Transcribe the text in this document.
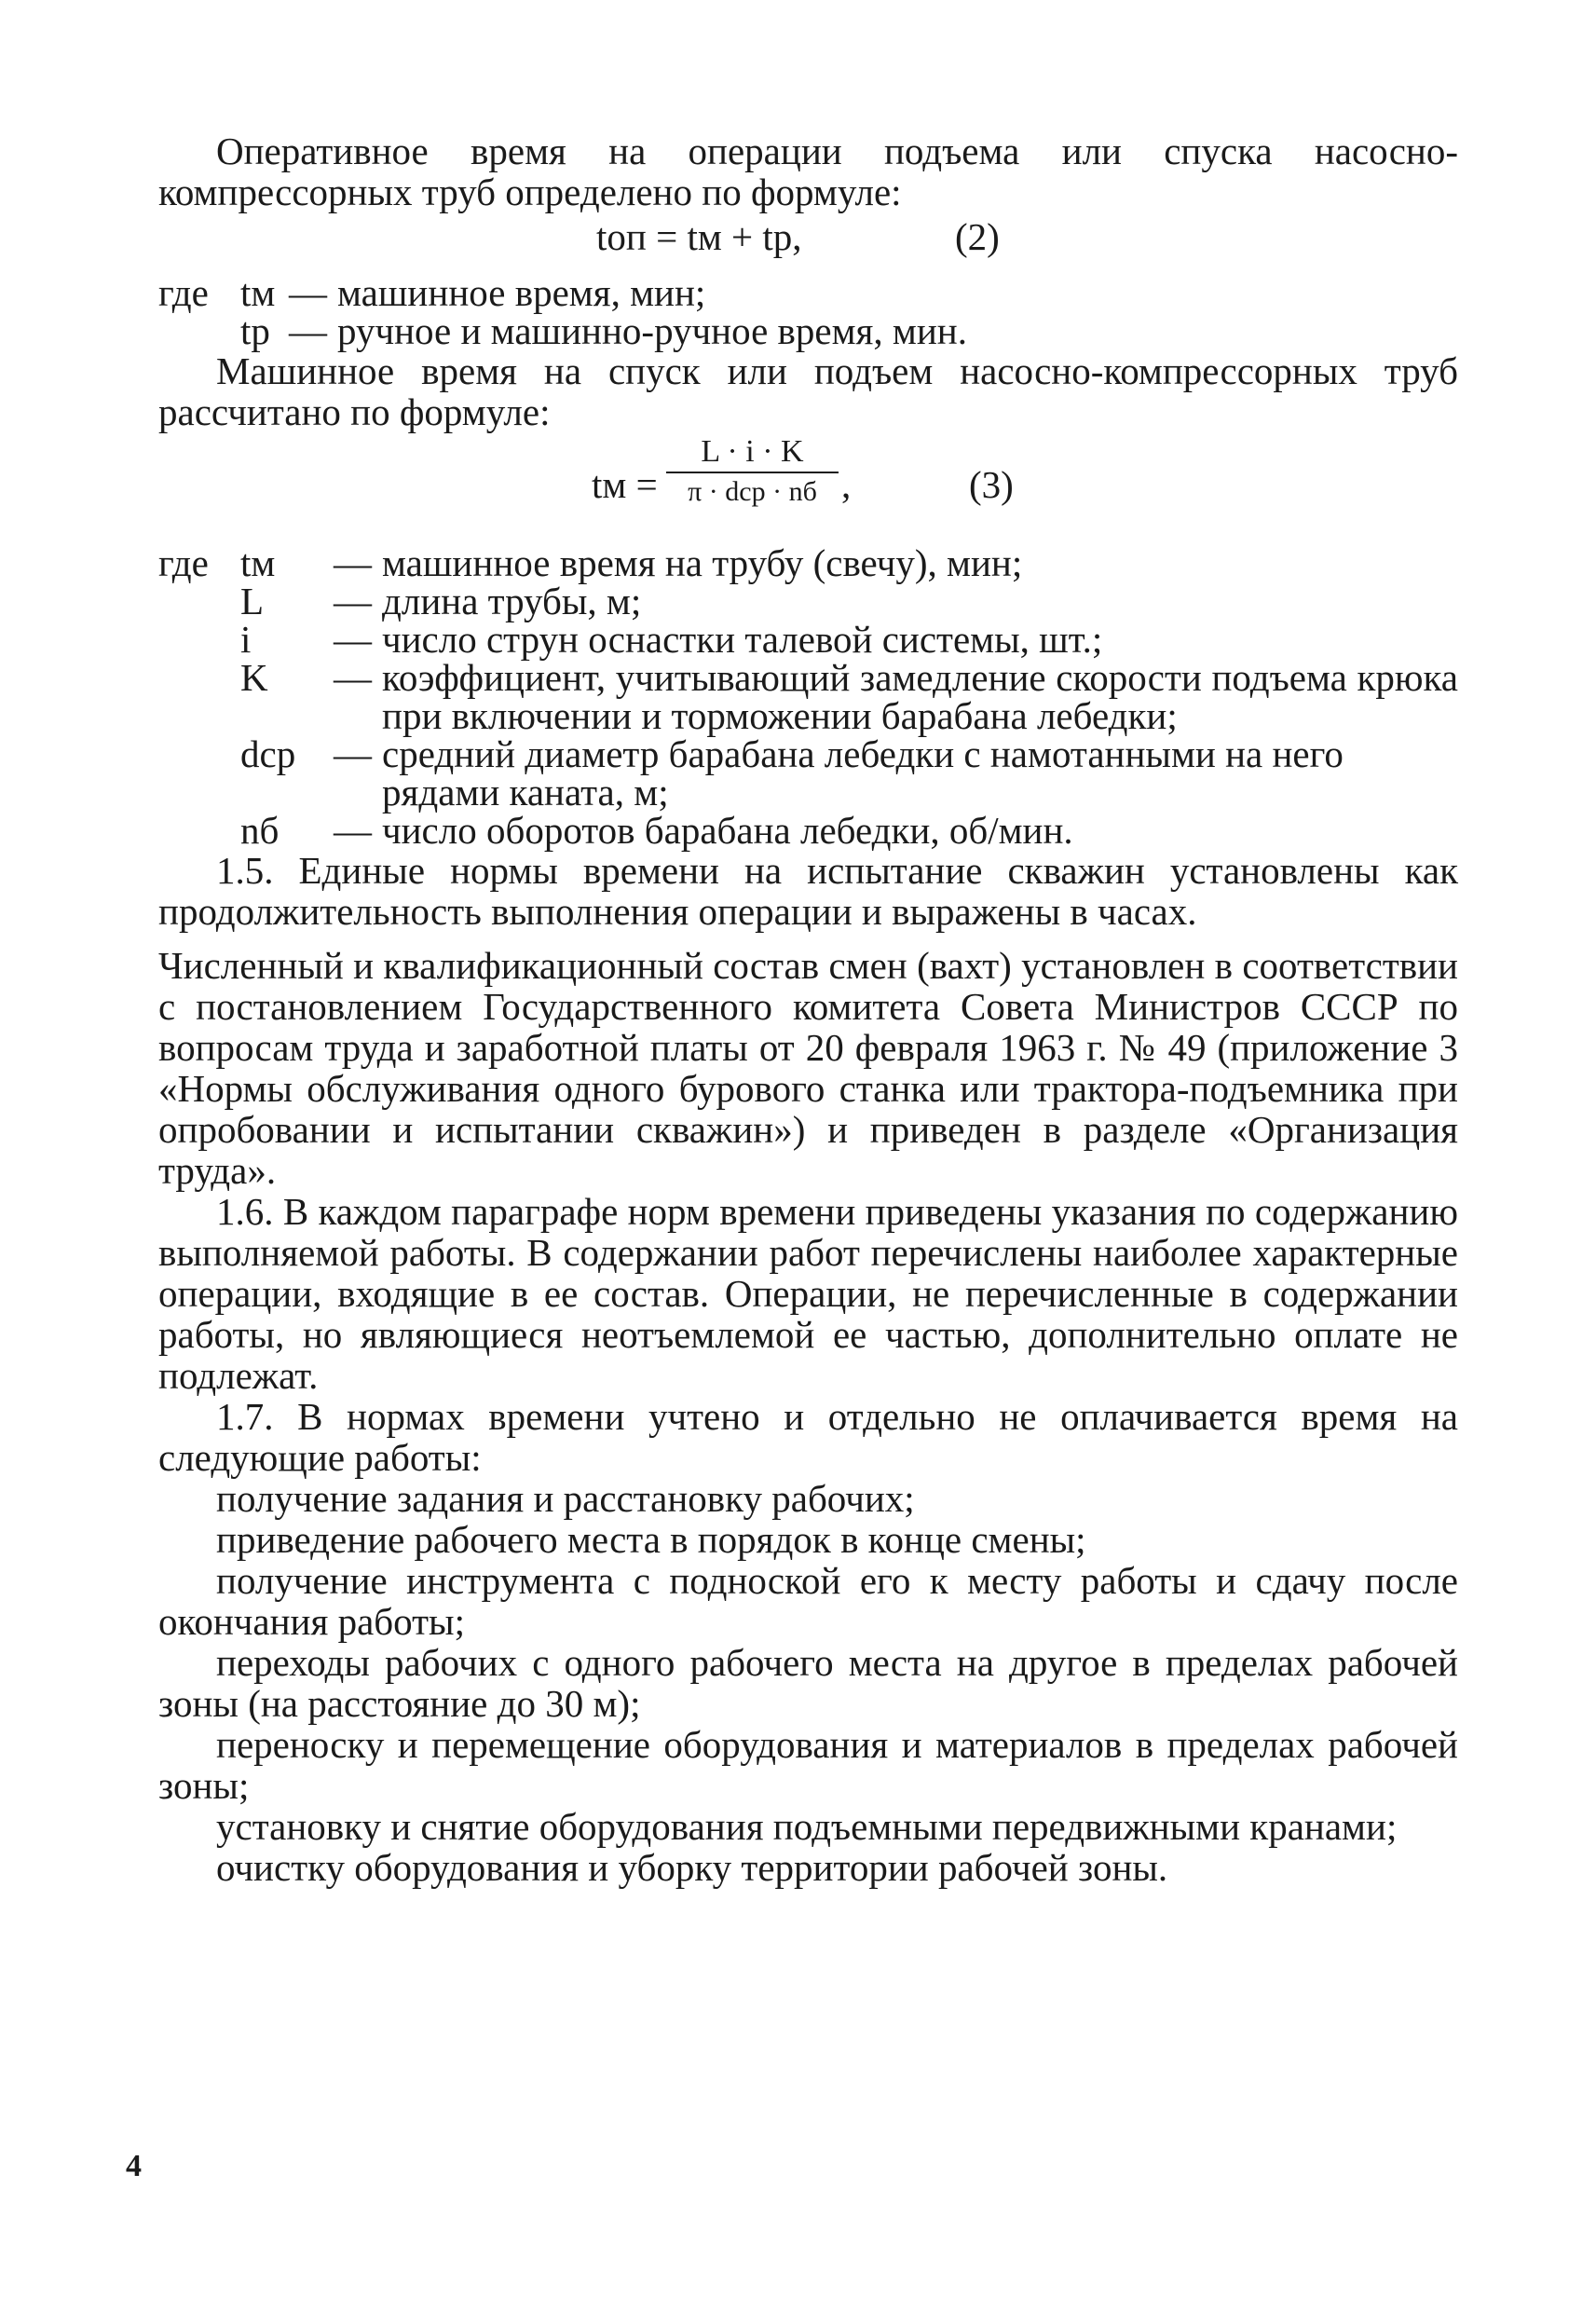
Оперативное время на операции подъема или спуска насосно-компрессорных труб определено по формуле:

tоп = tм + tр,	(2)
где tм — машинное время, мин;
tр — ручное и машинно-ручное время, мин.

Машинное время на спуск или подъем насосно-компрессорных труб рассчитано по формуле:

tм =
L · i · K
π · dср · nб ,	(3)
где tм	— машинное время на трубу (свечу), мин;
L	— длина трубы, м;
i	— число струн оснастки талевой системы, шт.;
K	— коэффициент, учитывающий замедление скорости подъема крюка при включении и торможении барабана лебедки;
dср — средний диаметр барабана лебедки с намотанными на него рядами каната, м;
nб	— число оборотов барабана лебедки, об/мин.

1.5. Единые нормы времени на испытание скважин установлены как продолжительность выполнения операции и выражены в часах.

Численный и квалификационный состав смен (вахт) установлен в соответствии с постановлением Государственного комитета Совета Министров СССР по вопросам труда и заработной платы от 20 февраля 1963 г. № 49 (приложение 3 «Нормы обслуживания одного бурового станка или трактора-подъемника при опробовании и испытании скважин») и приведен в разделе «Организация труда».

1.6. В каждом параграфе норм времени приведены указания по содержанию выполняемой работы. В содержании работ перечислены наиболее характерные операции, входящие в ее состав. Операции, не перечисленные в содержании работы, но являющиеся неотъемлемой ее частью, дополнительно оплате не подлежат.

1.7. В нормах времени учтено и отдельно не оплачивается время на следующие работы:

получение задания и расстановку рабочих;

приведение рабочего места в порядок в конце смены;

получение инструмента с подноской его к месту работы и сдачу после окончания работы;

переходы рабочих с одного рабочего места на другое в пределах рабочей зоны (на расстояние до 30 м);

переноску и перемещение оборудования и материалов в пределах рабочей зоны;

установку и снятие оборудования подъемными передвижными кранами;

очистку оборудования и уборку территории рабочей зоны.

4
